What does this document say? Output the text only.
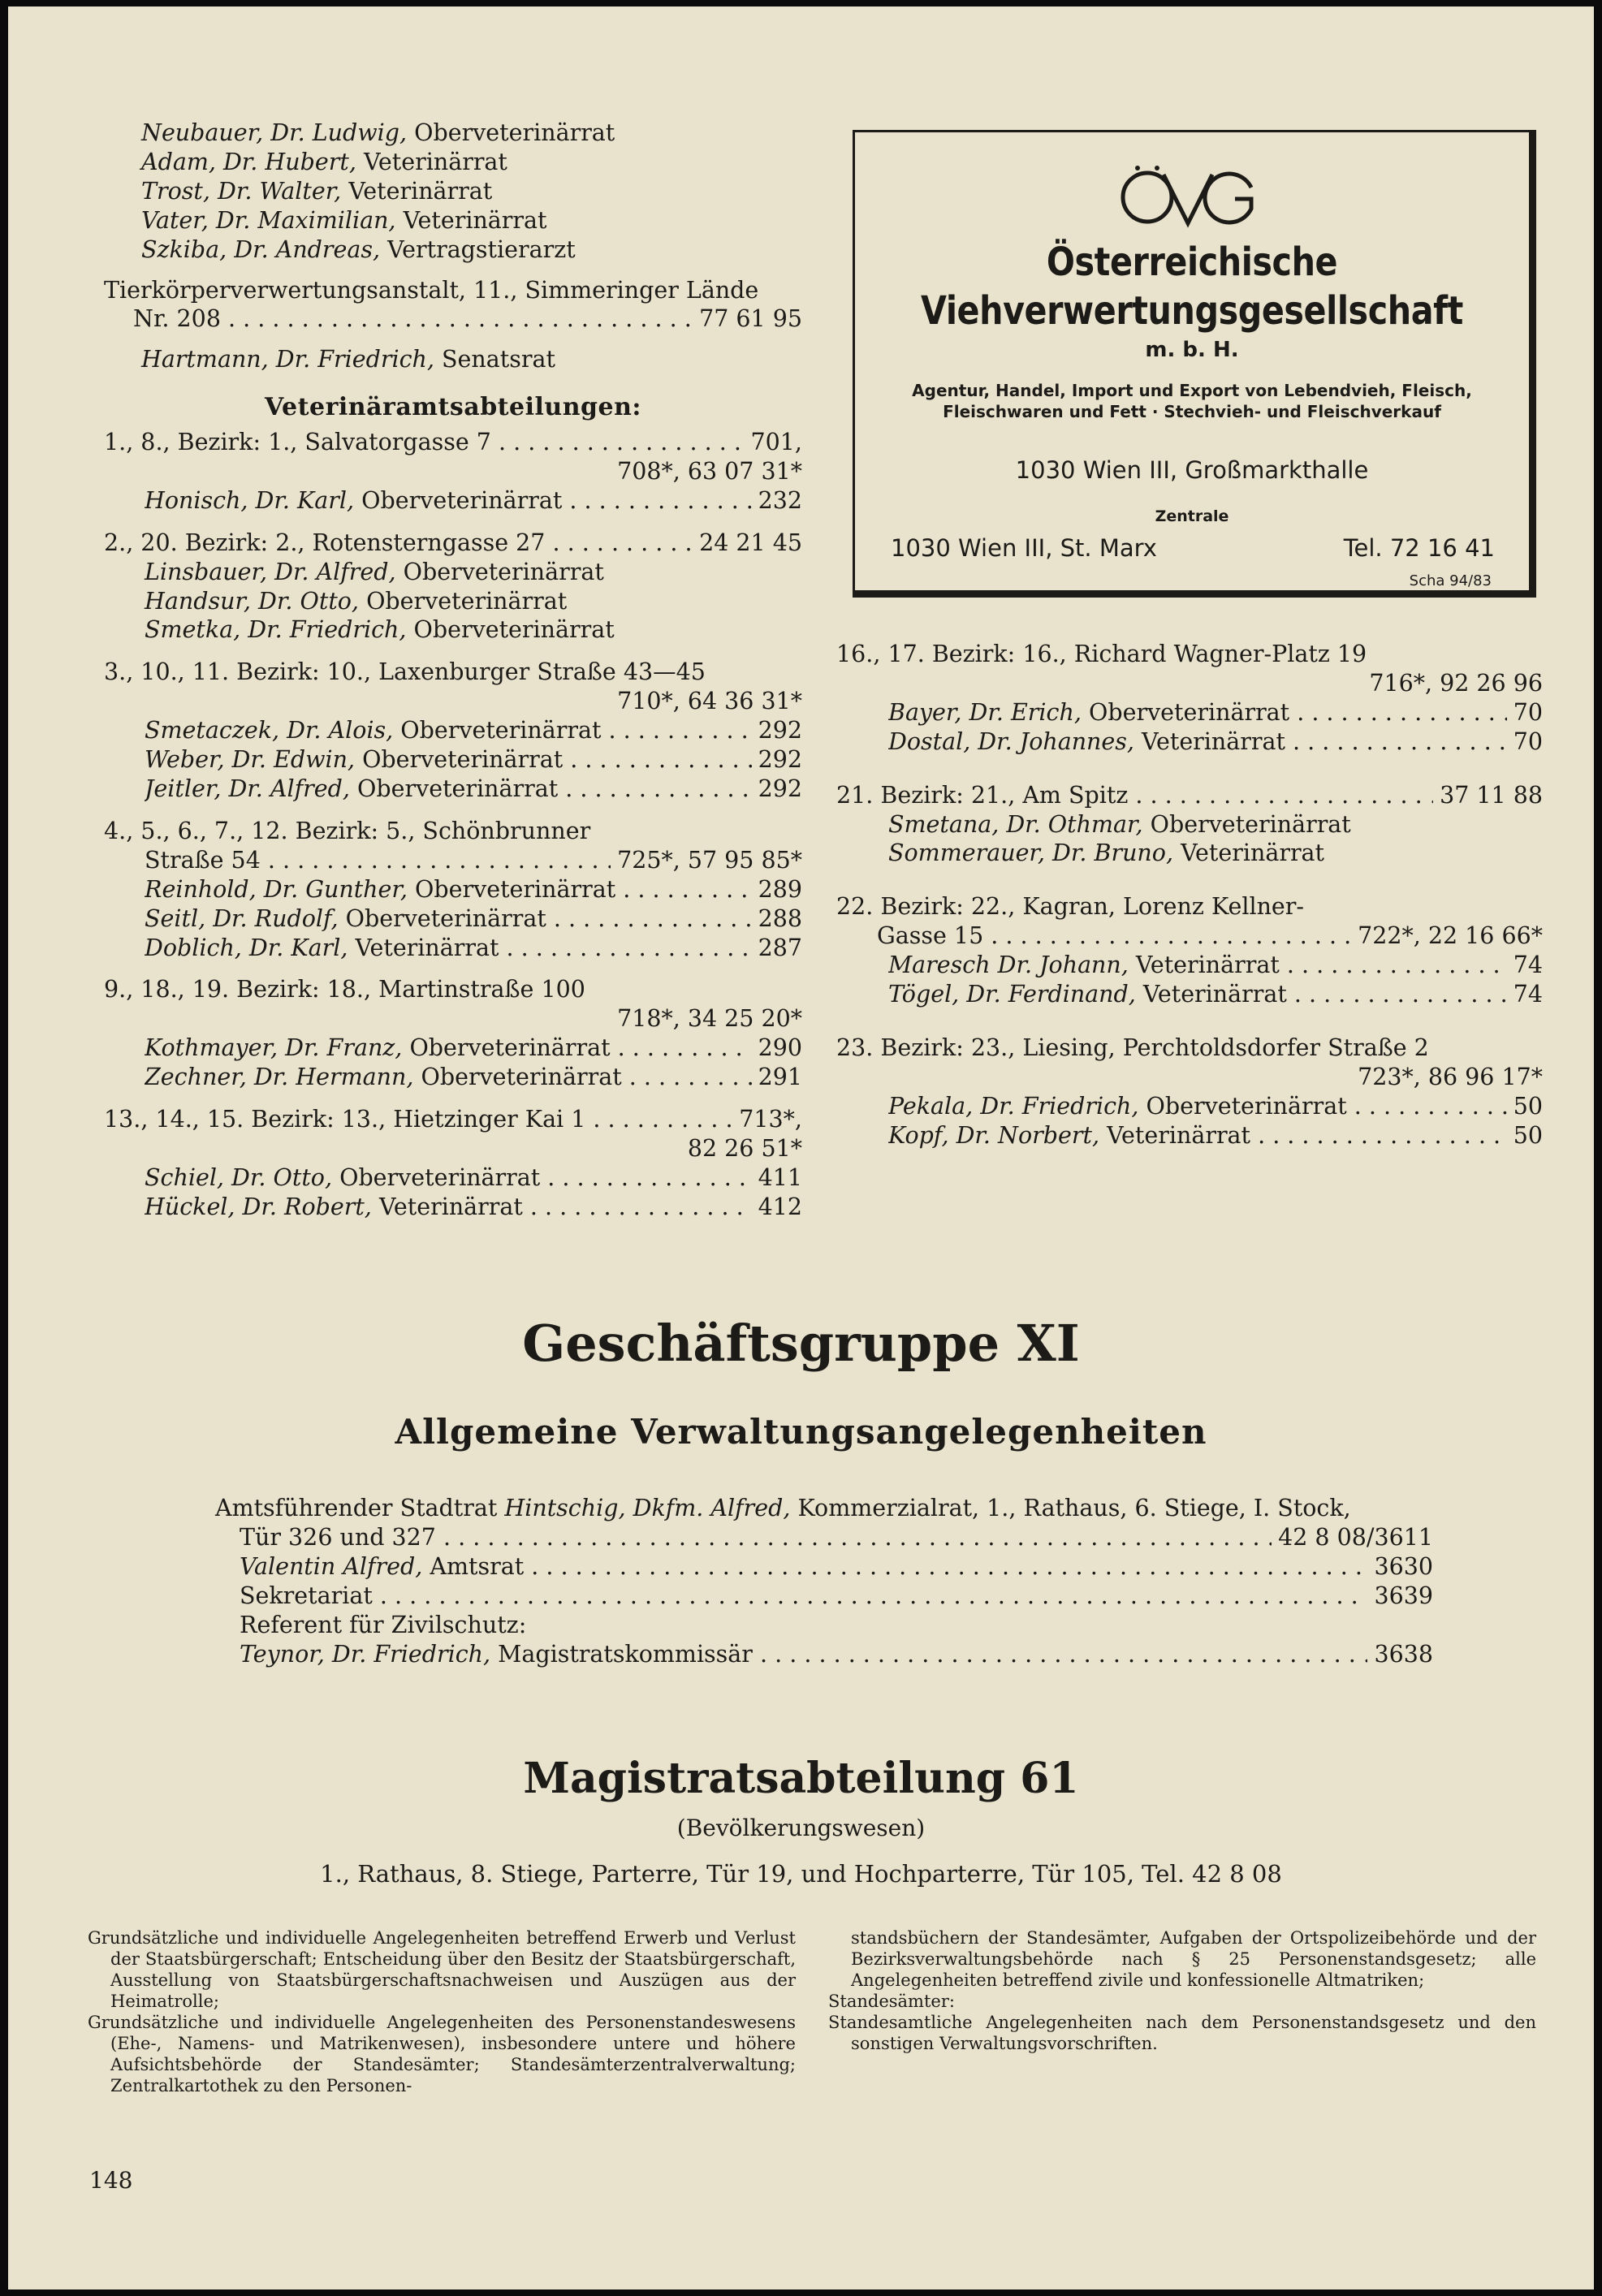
Neubauer, Dr. Ludwig,
Oberveterinärrat
Adam, Dr. Hubert,
Veterinärrat
Trost, Dr. Walter,
Veterinärrat
Vater, Dr. Maximilian,
Veterinärrat
Szkiba, Dr. Andreas,
Vertragstierarzt
Tierkörperverwertungsanstalt, 11., Simmeringer Lände
Nr. 208 . . .	77 61 95
Hartmann, Dr. Friedrich,
Senatsrat
Veterinäramtsabteilungen:
1., 8., Bezirk: 1., Salvatorgasse 7 . . .	701,
708*, 63 07 31*
Honisch, Dr. Karl, Oberveterinärrat . . .	232
2., 20. Bezirk: 2., Rotensterngasse 27 . . .	24 21 45
Linsbauer, Dr. Alfred,
Oberveterinärrat
Handsur, Dr. Otto,
Oberveterinärrat
Smetka, Dr. Friedrich,
Oberveterinärrat
3., 10., 11. Bezirk: 10., Laxenburger Straße 43—45
710*, 64 36 31*
Smetaczek, Dr. Alois, Oberveterinärrat . . .	292
Weber, Dr. Edwin, Oberveterinärrat . . .	292
Jeitler, Dr. Alfred, Oberveterinärrat . . .	292
4., 5., 6., 7., 12. Bezirk: 5., Schönbrunner
Straße 54 . . .	725*, 57 95 85*
Reinhold, Dr. Gunther, Oberveterinärrat . . .	289
Seitl, Dr. Rudolf, Oberveterinärrat . . .	288
Doblich, Dr. Karl, Veterinärrat . . .	287
9., 18., 19. Bezirk: 18., Martinstraße 100
718*, 34 25 20*
Kothmayer, Dr. Franz, Oberveterinärrat . . .	290
Zechner, Dr. Hermann, Oberveterinärrat . . .	291
13., 14., 15. Bezirk: 13., Hietzinger Kai 1 . . .	713*,
82 26 51*
Schiel, Dr. Otto, Oberveterinärrat . . .	411
Hückel, Dr. Robert, Veterinärrat . . .	412
ÖVG
Österreichische
Viehverwertungsgesellschaft
m. b. H.
Agentur, Handel, Import und Export von Lebendvieh, Fleisch, Fleischwaren und Fett · Stechvieh- und Fleischverkauf
1030 Wien III, Großmarkthalle
Zentrale
1030 Wien III, St. Marx	Tel. 72 16 41
Scha 94/83
16., 17. Bezirk: 16., Richard Wagner-Platz 19
716*, 92 26 96
Bayer, Dr. Erich, Oberveterinärrat . . .	70
Dostal, Dr. Johannes, Veterinärrat . . .	70
21. Bezirk: 21., Am Spitz . . .	37 11 88
Smetana, Dr. Othmar,
Oberveterinärrat
Sommerauer, Dr. Bruno,
Veterinärrat
22. Bezirk: 22., Kagran, Lorenz Kellner-
Gasse 15 . . .	722*, 22 16 66*
Maresch Dr. Johann, Veterinärrat . . .	74
Tögel, Dr. Ferdinand, Veterinärrat . . .	74
23. Bezirk: 23., Liesing, Perchtoldsdorfer Straße 2
723*, 86 96 17*
Pekala, Dr. Friedrich, Oberveterinärrat . . .	50
Kopf, Dr. Norbert, Veterinärrat . . .	50
Geschäftsgruppe XI
Allgemeine Verwaltungsangelegenheiten
Amtsführender Stadtrat
Hintschig, Dkfm. Alfred,
Kommerzialrat, 1., Rathaus, 6. Stiege, I. Stock,
Tür 326 und 327 . . .	42 8 08/3611
Valentin Alfred, Amtsrat . . .	3630
Sekretariat . . .	3639
Referent für Zivilschutz:
Teynor, Dr. Friedrich, Magistratskommissär . . .	3638
Magistratsabteilung 61
(Bevölkerungswesen)
1., Rathaus, 8. Stiege, Parterre, Tür 19, und Hochparterre, Tür 105, Tel. 42 8 08

Grundsätzliche und individuelle Angelegenheiten betreffend Erwerb und Verlust der Staatsbürgerschaft; Entscheidung über den Besitz der Staatsbürgerschaft, Ausstellung von Staatsbürgerschaftsnachweisen und Auszügen aus der Heimatrolle;

Grundsätzliche und individuelle Angelegenheiten des Personenstandeswesens (Ehe-, Namens- und Matrikenwesen), insbesondere untere und höhere Aufsichtsbehörde der Standesämter; Standesämterzentralverwaltung; Zentralkartothek zu den Personen-

standsbüchern der Standesämter, Aufgaben der Ortspolizeibehörde und der Bezirksverwaltungsbehörde nach § 25 Personenstandsgesetz; alle Angelegenheiten betreffend zivile und konfessionelle Altmatriken;

Standesämter:

Standesamtliche Angelegenheiten nach dem Personenstandsgesetz und den sonstigen Verwaltungsvorschriften.

148
